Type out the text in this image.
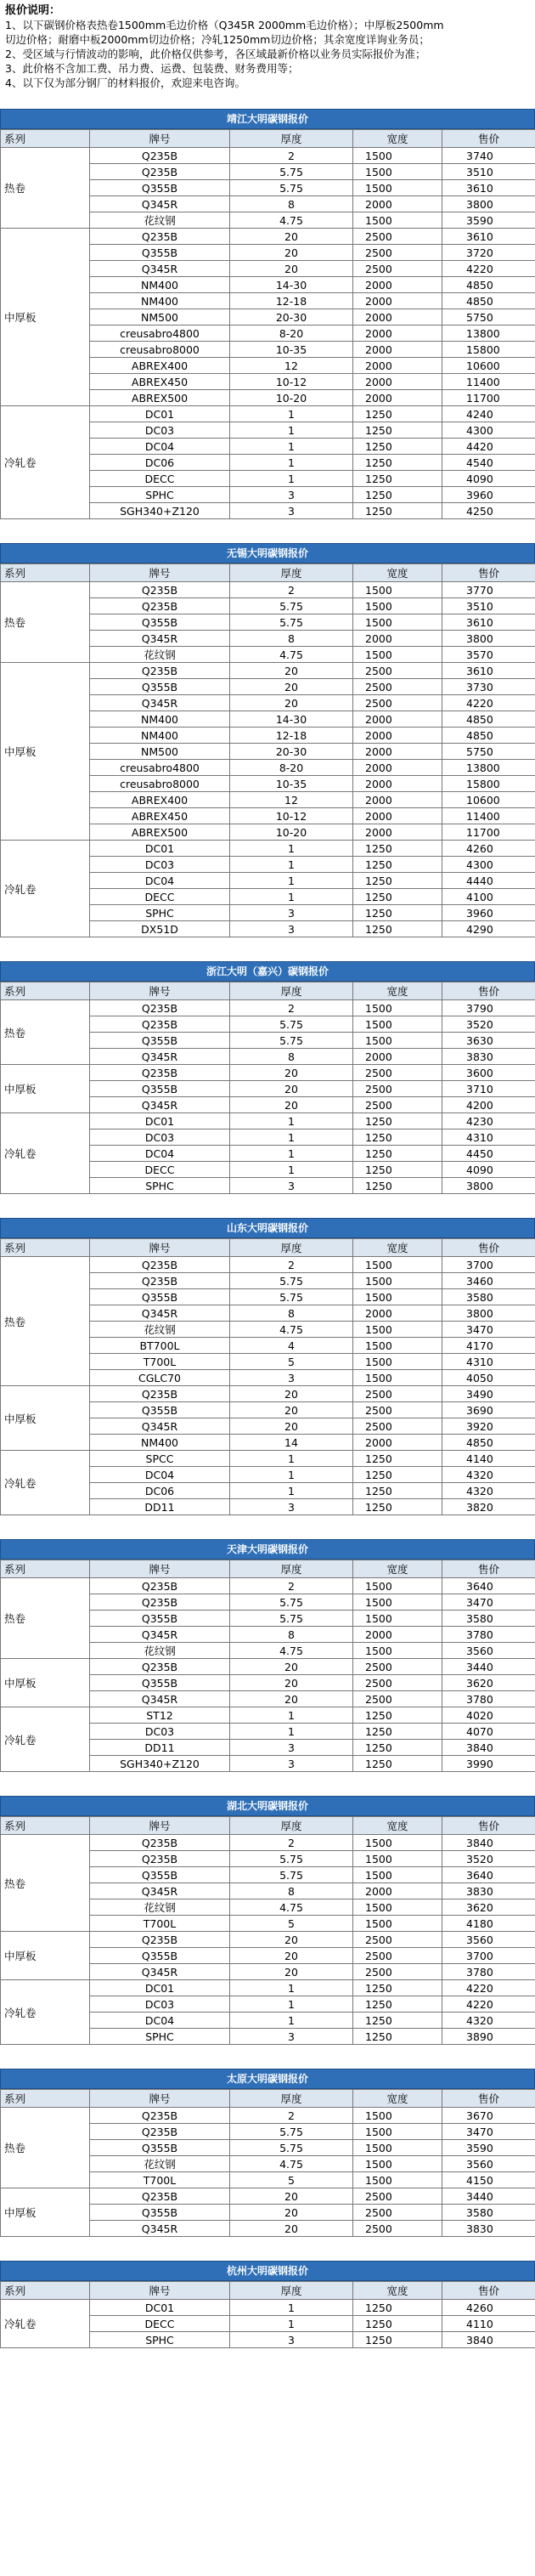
报价说明：
1、以下碳钢价格表热卷1500mm毛边价格（Q345R 2000mm毛边价格）；中厚板2500mm
切边价格；耐磨中板2000mm切边价格；冷轧1250mm切边价格；其余宽度详询业务员；
2、受区域与行情波动的影响，此价格仅供参考，各区域最新价格以业务员实际报价为准；
3、此价格不含加工费、吊力费、运费、包装费、财务费用等；
4、以下仅为部分钢厂的材料报价，欢迎来电咨询。
靖江大明碳钢报价
系列	牌号	厚度	宽度	售价
热卷	Q235B	2	1500	3740
	Q235B	5.75	1500	3510
	Q355B	5.75	1500	3610
	Q345R	8	2000	3800
	花纹钢	4.75	1500	3590
中厚板	Q235B	20	2500	3610
	Q355B	20	2500	3720
	Q345R	20	2500	4220
	NM400	14-30	2000	4850
	NM400	12-18	2000	4850
	NM500	20-30	2000	5750
	creusabro4800	8-20	2000	13800
	creusabro8000	10-35	2000	15800
	ABREX400	12	2000	10600
	ABREX450	10-12	2000	11400
	ABREX500	10-20	2000	11700
冷轧卷	DC01	1	1250	4240
	DC03	1	1250	4300
	DC04	1	1250	4420
	DC06	1	1250	4540
	DECC	1	1250	4090
	SPHC	3	1250	3960
	SGH340+Z120	3	1250	4250
无锡大明碳钢报价
系列	牌号	厚度	宽度	售价
热卷	Q235B	2	1500	3770
	Q235B	5.75	1500	3510
	Q355B	5.75	1500	3610
	Q345R	8	2000	3800
	花纹钢	4.75	1500	3570
中厚板	Q235B	20	2500	3610
	Q355B	20	2500	3730
	Q345R	20	2500	4220
	NM400	14-30	2000	4850
	NM400	12-18	2000	4850
	NM500	20-30	2000	5750
	creusabro4800	8-20	2000	13800
	creusabro8000	10-35	2000	15800
	ABREX400	12	2000	10600
	ABREX450	10-12	2000	11400
	ABREX500	10-20	2000	11700
冷轧卷	DC01	1	1250	4260
	DC03	1	1250	4300
	DC04	1	1250	4440
	DECC	1	1250	4100
	SPHC	3	1250	3960
	DX51D	3	1250	4290
浙江大明（嘉兴）碳钢报价
系列	牌号	厚度	宽度	售价
热卷	Q235B	2	1500	3790
	Q235B	5.75	1500	3520
	Q355B	5.75	1500	3630
	Q345R	8	2000	3830
中厚板	Q235B	20	2500	3600
	Q355B	20	2500	3710
	Q345R	20	2500	4200
冷轧卷	DC01	1	1250	4230
	DC03	1	1250	4310
	DC04	1	1250	4450
	DECC	1	1250	4090
	SPHC	3	1250	3800
山东大明碳钢报价
系列	牌号	厚度	宽度	售价
热卷	Q235B	2	1500	3700
	Q235B	5.75	1500	3460
	Q355B	5.75	1500	3580
	Q345R	8	2000	3800
	花纹钢	4.75	1500	3470
	BT700L	4	1500	4170
	T700L	5	1500	4310
	CGLC70	3	1500	4050
中厚板	Q235B	20	2500	3490
	Q355B	20	2500	3690
	Q345R	20	2500	3920
	NM400	14	2000	4850
冷轧卷	SPCC	1	1250	4140
	DC04	1	1250	4320
	DC06	1	1250	4320
	DD11	3	1250	3820
天津大明碳钢报价
系列	牌号	厚度	宽度	售价
热卷	Q235B	2	1500	3640
	Q235B	5.75	1500	3470
	Q355B	5.75	1500	3580
	Q345R	8	2000	3780
	花纹钢	4.75	1500	3560
中厚板	Q235B	20	2500	3440
	Q355B	20	2500	3620
	Q345R	20	2500	3780
冷轧卷	ST12	1	1250	4020
	DC03	1	1250	4070
	DD11	3	1250	3840
	SGH340+Z120	3	1250	3990
湖北大明碳钢报价
系列	牌号	厚度	宽度	售价
热卷	Q235B	2	1500	3840
	Q235B	5.75	1500	3520
	Q355B	5.75	1500	3640
	Q345R	8	2000	3830
	花纹钢	4.75	1500	3620
	T700L	5	1500	4180
中厚板	Q235B	20	2500	3560
	Q355B	20	2500	3700
	Q345R	20	2500	3780
冷轧卷	DC01	1	1250	4220
	DC03	1	1250	4220
	DC04	1	1250	4320
	SPHC	3	1250	3890
太原大明碳钢报价
系列	牌号	厚度	宽度	售价
热卷	Q235B	2	1500	3670
	Q235B	5.75	1500	3470
	Q355B	5.75	1500	3590
	花纹钢	4.75	1500	3560
	T700L	5	1500	4150
中厚板	Q235B	20	2500	3440
	Q355B	20	2500	3580
	Q345R	20	2500	3830
杭州大明碳钢报价
系列	牌号	厚度	宽度	售价
冷轧卷	DC01	1	1250	4260
	DECC	1	1250	4110
	SPHC	3	1250	3840
